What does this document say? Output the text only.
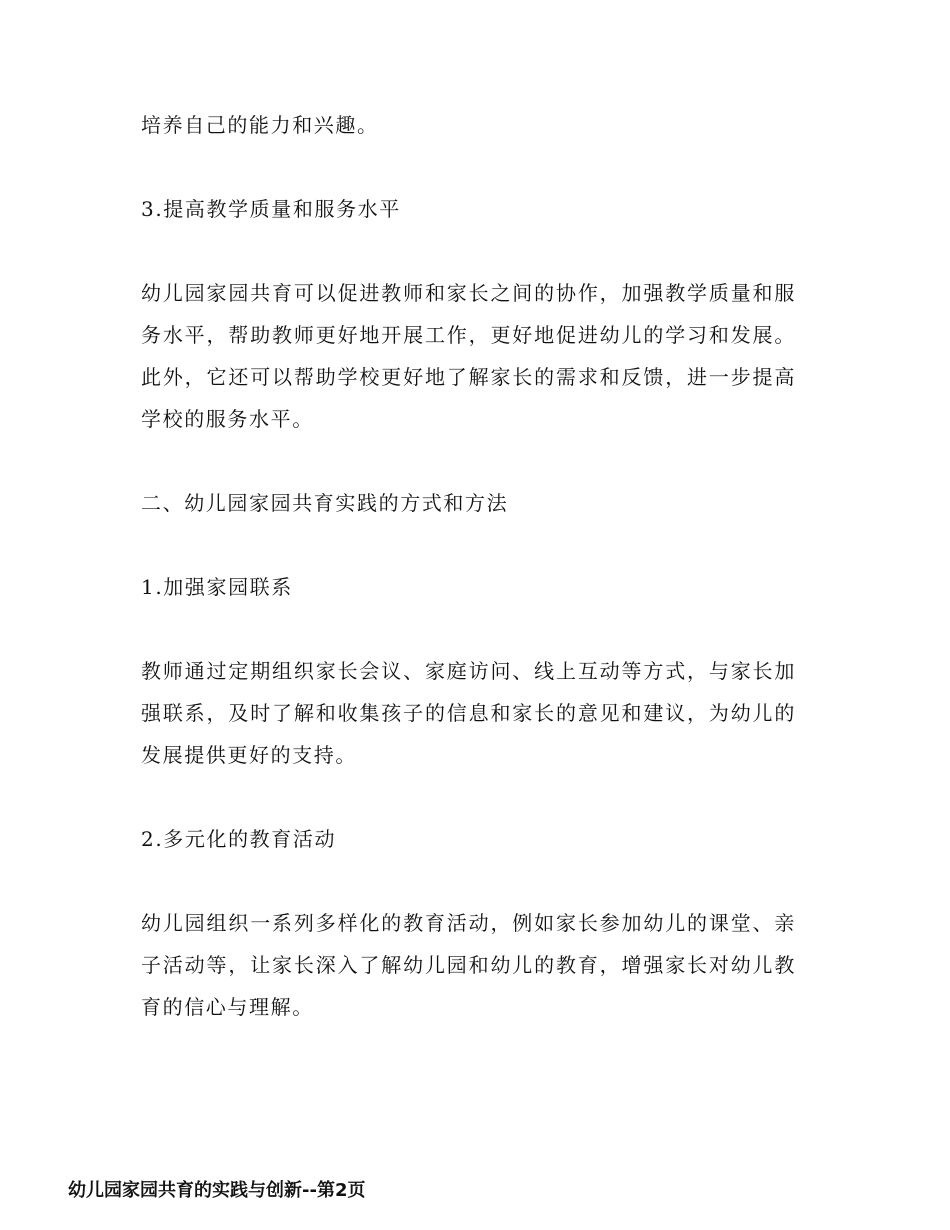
培养自己的能力和兴趣。

3.提高教学质量和服务水平

幼儿园家园共育可以促进教师和家长之间的协作，加强教学质量和服务水平，帮助教师更好地开展工作，更好地促进幼儿的学习和发展。此外，它还可以帮助学校更好地了解家长的需求和反馈，进一步提高学校的服务水平。

二、幼儿园家园共育实践的方式和方法

1.加强家园联系

教师通过定期组织家长会议、家庭访问、线上互动等方式，与家长加强联系，及时了解和收集孩子的信息和家长的意见和建议，为幼儿的发展提供更好的支持。

2.多元化的教育活动

幼儿园组织一系列多样化的教育活动，例如家长参加幼儿的课堂、亲子活动等，让家长深入了解幼儿园和幼儿的教育，增强家长对幼儿教育的信心与理解。

幼儿园家园共育的实践与创新--第2页
